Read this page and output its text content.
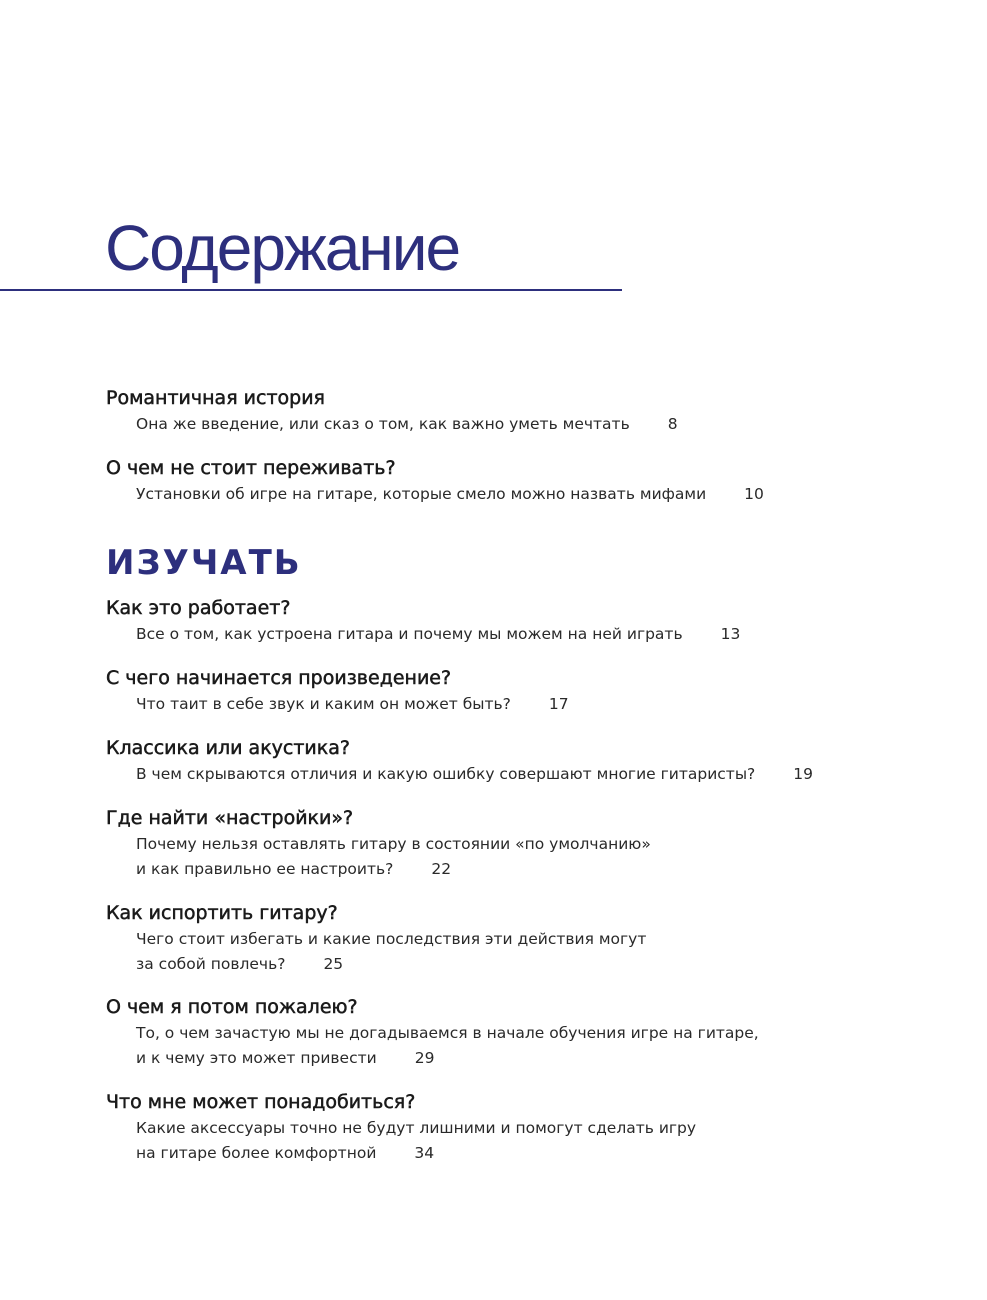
Содержание
Романтичная история
Она же введение, или сказ о том, как важно уметь мечтать 8
О чем не стоит переживать?
Установки об игре на гитаре, которые смело можно назвать мифами 10
ИЗУЧАТЬ
Как это работает?
Все о том, как устроена гитара и почему мы можем на ней играть 13
С чего начинается произведение?
Что таит в себе звук и каким он может быть? 17
Классика или акустика?
В чем скрываются отличия и какую ошибку совершают многие гитаристы? 19
Где найти «настройки»?
Почему нельзя оставлять гитару в состоянии «по умолчанию»
и как правильно ее настроить? 22
Как испортить гитару?
Чего стоит избегать и какие последствия эти действия могут
за собой повлечь? 25
О чем я потом пожалею?
То, о чем зачастую мы не догадываемся в начале обучения игре на гитаре,
и к чему это может привести 29
Что мне может понадобиться?
Какие аксессуары точно не будут лишними и помогут сделать игру
на гитаре более комфортной 34
